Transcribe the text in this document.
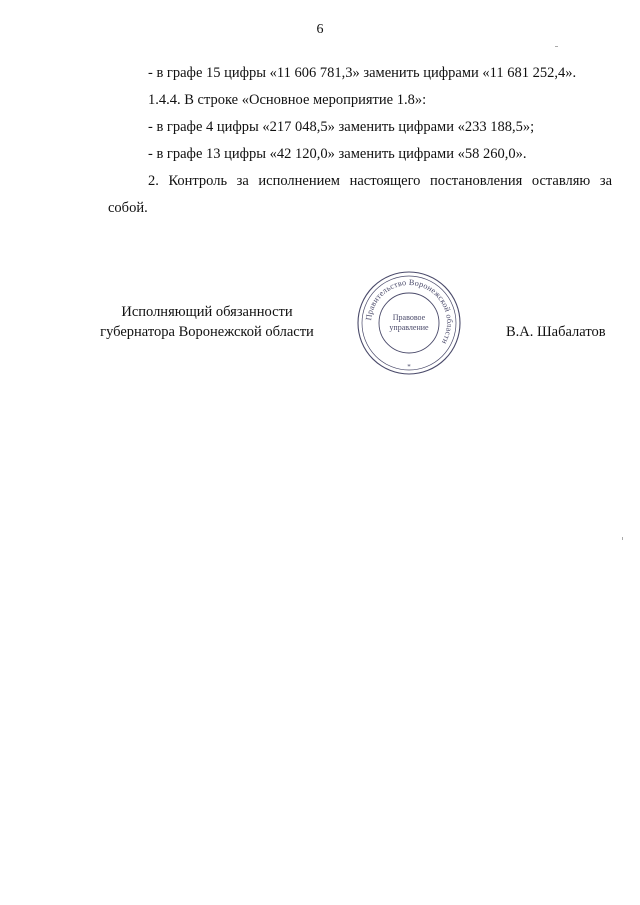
6

- в графе 15 цифры «11 606 781,3» заменить цифрами «11 681 252,4».

1.4.4. В строке «Основное мероприятие 1.8»:

- в графе 4 цифры «217 048,5» заменить цифрами «233 188,5»;

- в графе 13 цифры «42 120,0» заменить цифрами «58 260,0».

2. Контроль за исполнением настоящего постановления оставляю за собой.

Исполняющий обязанности
губернатора Воронежской области	В.А. Шабалатов
Правительство Воронежской области
Правовое
управление
*
